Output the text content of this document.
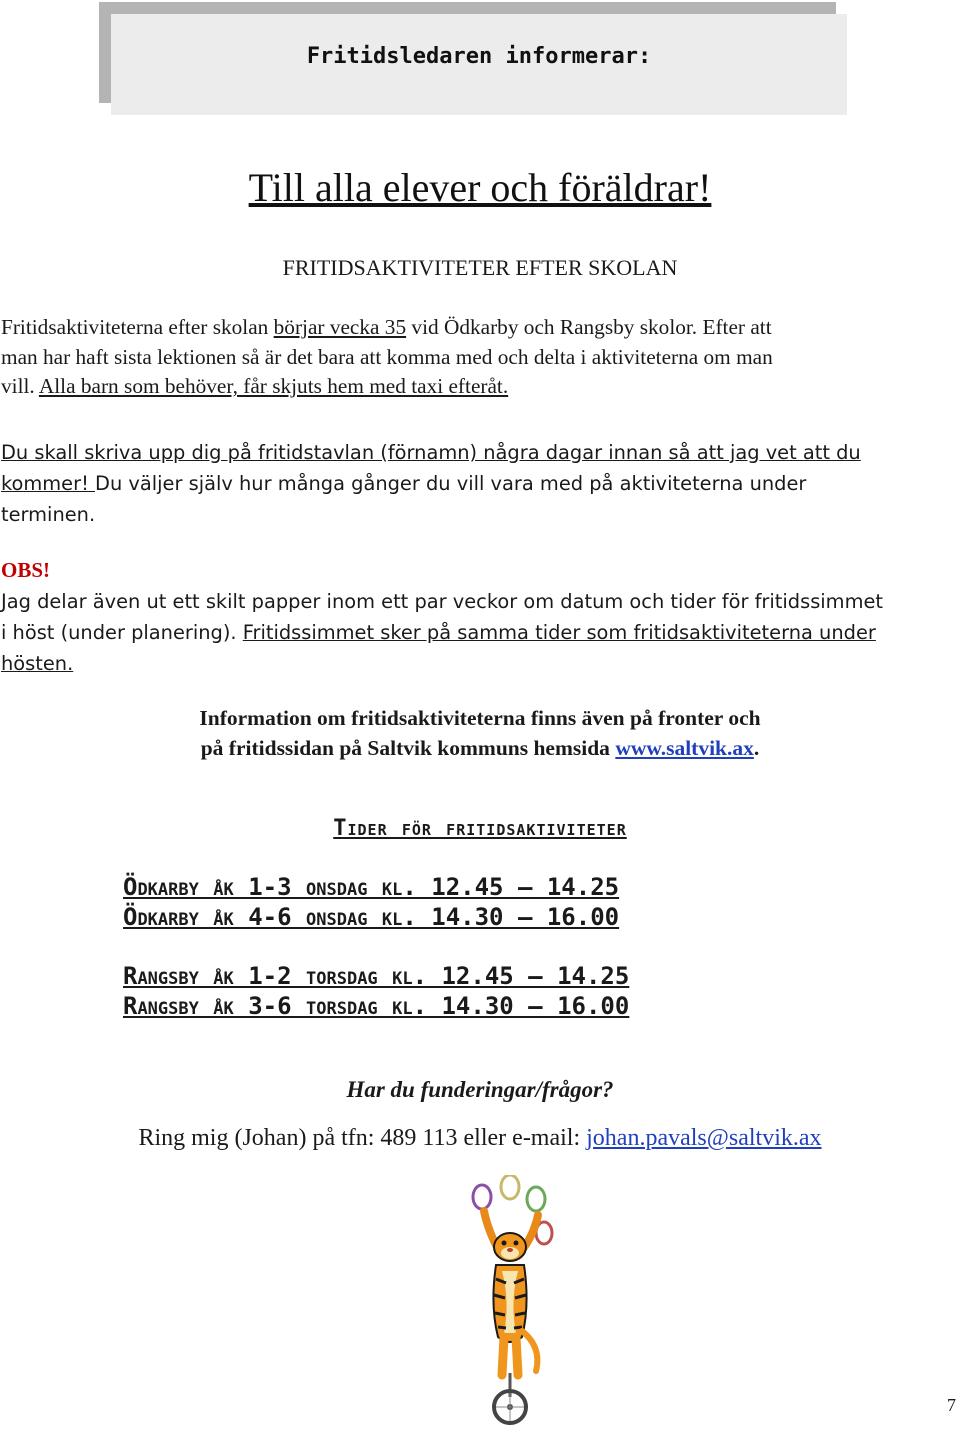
Fritidsledaren informerar:
Till alla elever och föräldrar!
FRITIDSAKTIVITETER EFTER SKOLAN
Fritidsaktiviteterna efter skolan börjar vecka 35 vid Ödkarby och Rangsby skolor. Efter att
man har haft sista lektionen så är det bara att komma med och delta i aktiviteterna om man
vill. Alla barn som behöver, får skjuts hem med taxi efteråt.
Du skall skriva upp dig på fritidstavlan (förnamn) några dagar innan så att jag vet att du
kommer! Du väljer själv hur många gånger du vill vara med på aktiviteterna under
terminen.
OBS!
Jag delar även ut ett skilt papper inom ett par veckor om datum och tider för fritidssimmet
i höst (under planering). Fritidssimmet sker på samma tider som fritidsaktiviteterna under
hösten.
Information om fritidsaktiviteterna finns även på fronter och
på fritidssidan på Saltvik kommuns hemsida www.saltvik.ax.
Tider för fritidsaktiviteter
Ödkarby åk 1-3 onsdag kl. 12.45 – 14.25
Ödkarby åk 4-6 onsdag kl. 14.30 – 16.00
Rangsby åk 1-2 torsdag kl. 12.45 – 14.25
Rangsby åk 3-6 torsdag kl. 14.30 – 16.00
Har du funderingar/frågor?
Ring mig (Johan) på tfn: 489 113 eller e-mail: johan.pavals@saltvik.ax
7
